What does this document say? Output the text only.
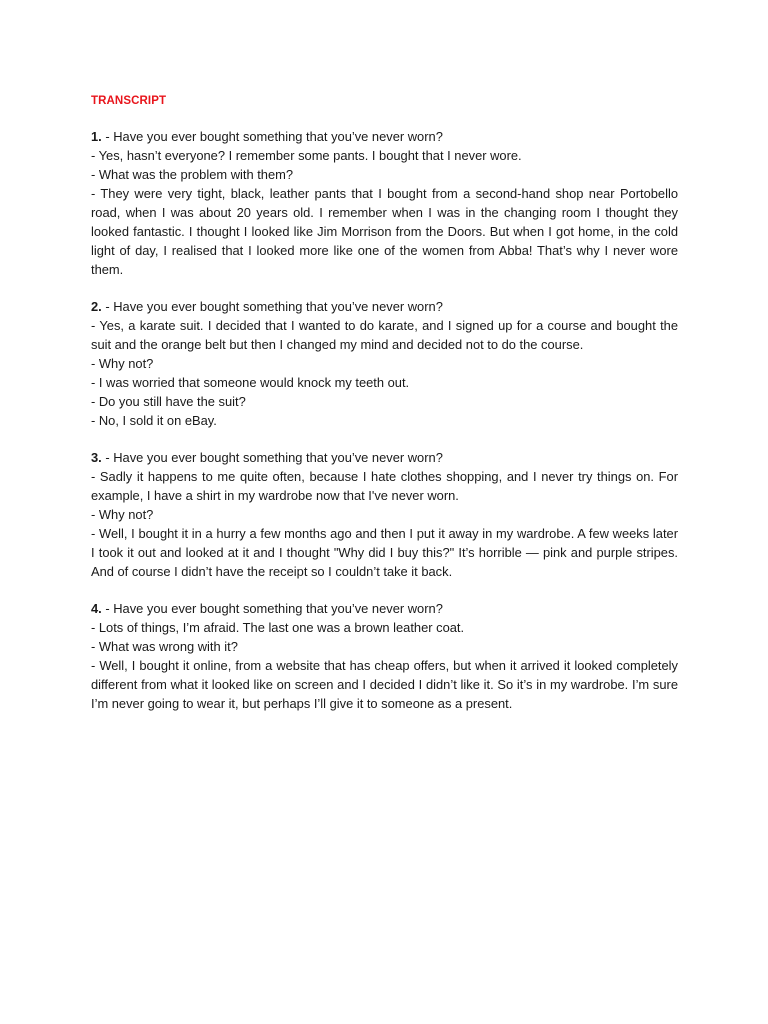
TRANSCRIPT

1. - Have you ever bought something that you’ve never worn?

- Yes, hasn’t everyone? I remember some pants. I bought that I never wore.

- What was the problem with them?

- They were very tight, black, leather pants that I bought from a second-hand shop near Portobello road, when I was about 20 years old. I remember when I was in the changing room I thought they looked fantastic. I thought I looked like Jim Morrison from the Doors. But when I got home, in the cold light of day, I realised that I looked more like one of the women from Abba! That’s why I never wore them.

2. - Have you ever bought something that you’ve never worn?

- Yes, a karate suit. I decided that I wanted to do karate, and I signed up for a course and bought the suit and the orange belt but then I changed my mind and decided not to do the course.

- Why not?

- I was worried that someone would knock my teeth out.

- Do you still have the suit?

- No, I sold it on eBay.

3. - Have you ever bought something that you’ve never worn?

- Sadly it happens to me quite often, because I hate clothes shopping, and I never try things on. For example, I have a shirt in my wardrobe now that I've never worn.

- Why not?

- Well, I bought it in a hurry a few months ago and then I put it away in my wardrobe. A few weeks later I took it out and looked at it and I thought "Why did I buy this?" It’s horrible — pink and purple stripes. And of course I didn’t have the receipt so I couldn’t take it back.

4. - Have you ever bought something that you’ve never worn?

- Lots of things, I’m afraid. The last one was a brown leather coat.

- What was wrong with it?

- Well, I bought it online, from a website that has cheap offers, but when it arrived it looked completely different from what it looked like on screen and I decided I didn’t like it. So it’s in my wardrobe. I’m sure I’m never going to wear it, but perhaps I’ll give it to someone as a present.
